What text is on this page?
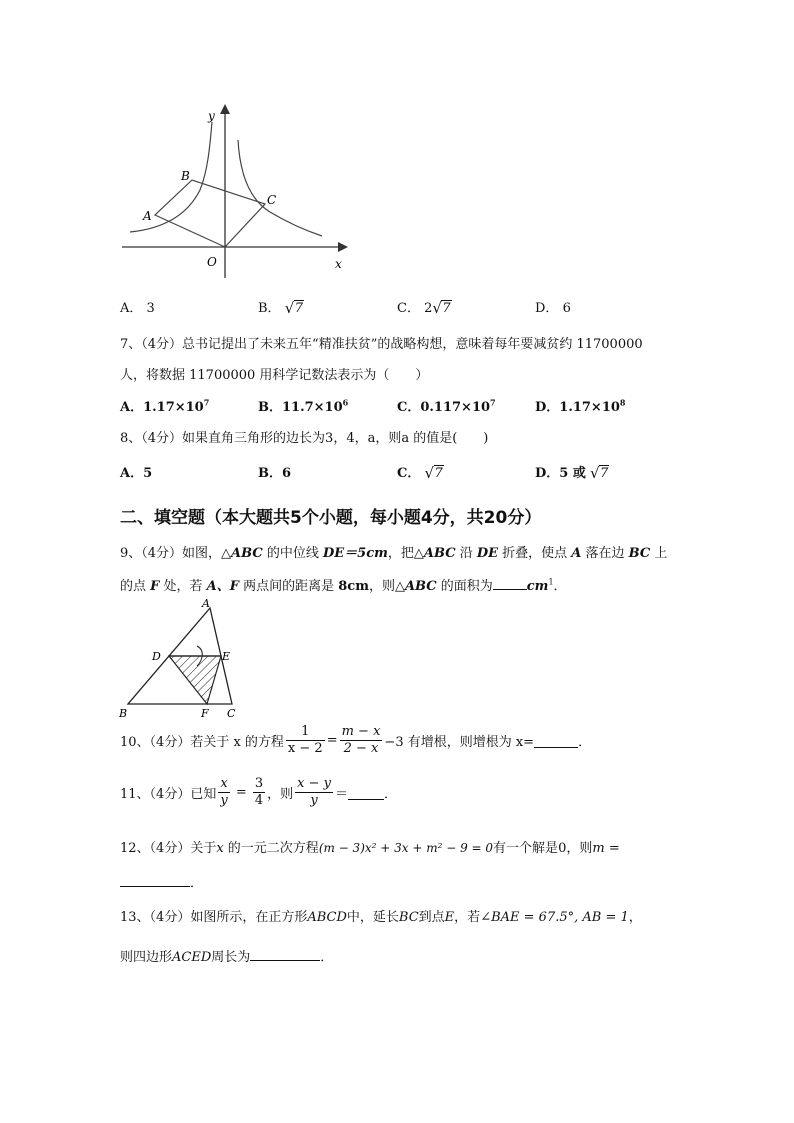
y
x
O
A
B
C
A． 3	B． √ 7	C． 2 √ 7	D． 6
7、（4分）总书记提出了未来五年“精准扶贫”的战略构想，意味着每年要减贫约 11700000
人，将数据 11700000 用科学记数法表示为（　　）
A．$1.17\times 10^7$	B．$11.7\times 10^6$	C．$0.117\times 10^7$	D．$1.17\times 10^8$
8、（4分）如果直角三角形的边长为3，4，a，则a 的值是(　　)
A．5	B．6	C． √ 7	D．5 或 √ 7
二、填空题（本大题共5个小题，每小题4分，共20分）
9、（4分）如图，△ABC 的中位线 DE＝5cm，把△ABC 沿 DE 折叠，使点 A 落在边 BC 上
的点 F 处，若 A、F 两点间的距离是 8cm，则△ABC 的面积为	$cm^1$．
A
B	C
D	E
F
10、（4分）若关于 x 的方程 $\frac{1}{x - 2} = \frac{m - x}{2 - x} -3$ 有增根，则增根为 x=	．
11、（4分）已知 $\frac{x}{y} = \frac{3}{4}$ ，则 $\frac{x - y}{y}$ ＝	．
12、（4分）关于x 的一元二次方程(m − 3)x² + 3x + m² − 9 = 0有一个解是0，则m =
．
13、（4分）如图所示，在正方形ABCD中，延长BC到点E，若∠BAE = 67.5°, AB = 1，
则四边形ACED周长为	．
